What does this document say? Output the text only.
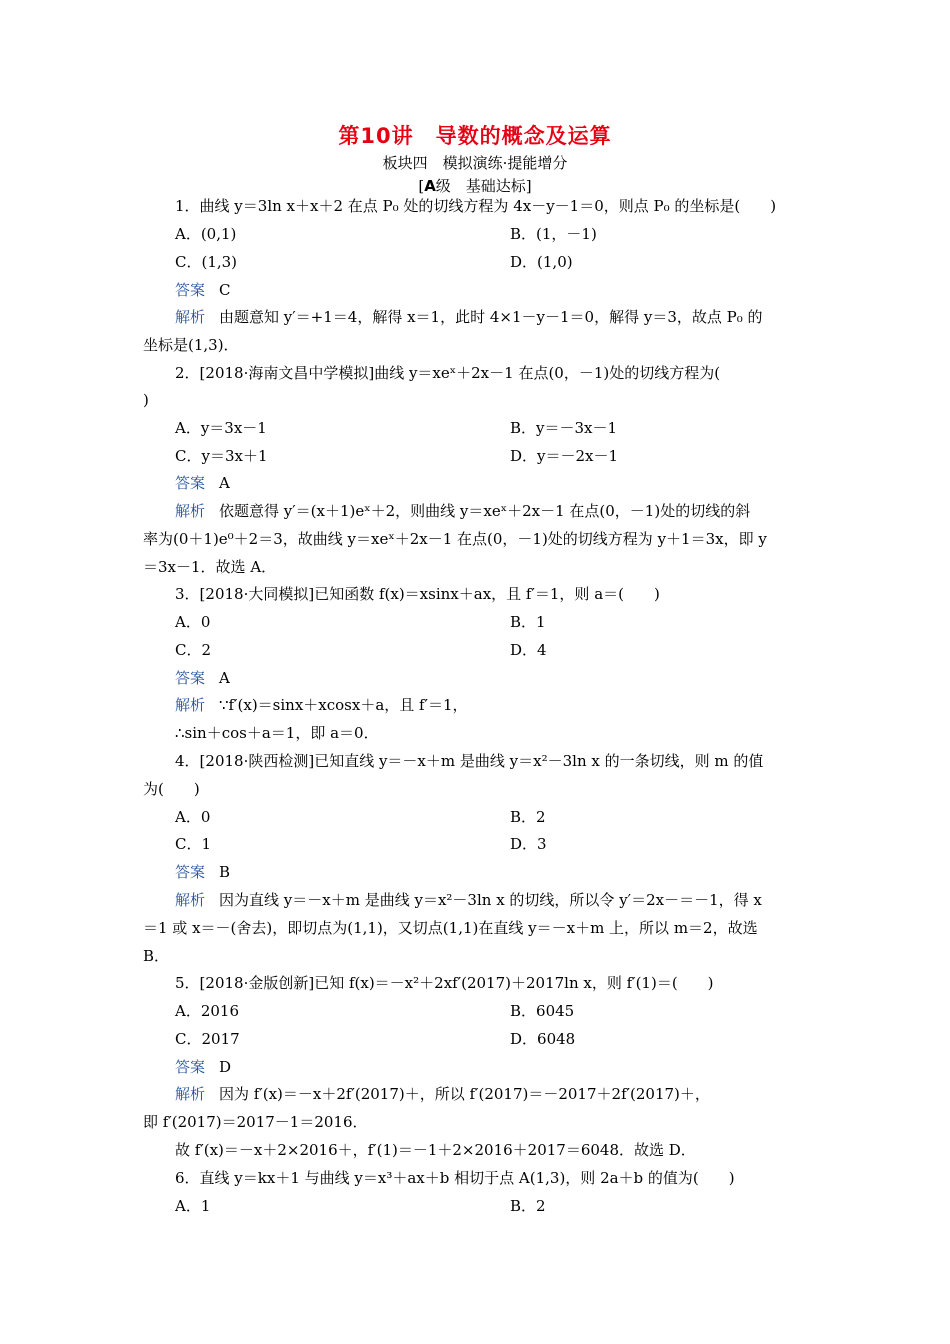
第10讲　导数的概念及运算
板块四　模拟演练·提能增分
[A级　基础达标]
1．曲线 y＝3ln x＋x＋2 在点 P₀ 处的切线方程为 4x－y－1＝0，则点 P₀ 的坐标是(　　)
A．(0,1)	B．(1，－1)
C．(1,3)	D．(1,0)
答案 C
解析 由题意知 y′＝+1＝4，解得 x＝1，此时 4×1－y－1＝0，解得 y＝3，故点 P₀ 的
坐标是(1,3)．
2．[2018·海南文昌中学模拟]曲线 y＝xeˣ＋2x－1 在点(0，－1)处的切线方程为(
)
A．y＝3x－1	B．y＝－3x－1
C．y＝3x＋1	D．y＝－2x－1
答案 A
解析 依题意得 y′＝(x＋1)eˣ＋2，则曲线 y＝xeˣ＋2x－1 在点(0，－1)处的切线的斜
率为(0＋1)e⁰＋2＝3，故曲线 y＝xeˣ＋2x－1 在点(0，－1)处的切线方程为 y＋1＝3x，即 y
＝3x－1．故选 A．
3．[2018·大同模拟]已知函数 f(x)＝xsinx＋ax，且 f′＝1，则 a＝(　　)
A．0	B．1
C．2	D．4
答案 A
解析 ∵f′(x)＝sinx＋xcosx＋a，且 f′＝1，
∴sin＋cos＋a＝1，即 a＝0．
4．[2018·陕西检测]已知直线 y＝－x＋m 是曲线 y＝x²－3ln x 的一条切线，则 m 的值
为(　　)
A．0	B．2
C．1	D．3
答案 B
解析 因为直线 y＝－x＋m 是曲线 y＝x²－3ln x 的切线，所以令 y′＝2x－＝－1，得 x
＝1 或 x＝－(舍去)，即切点为(1,1)，又切点(1,1)在直线 y＝－x＋m 上，所以 m＝2，故选
B．
5．[2018·金版创新]已知 f(x)＝－x²＋2xf′(2017)＋2017ln x，则 f′(1)＝(　　)
A．2016	B．6045
C．2017	D．6048
答案 D
解析 因为 f′(x)＝－x＋2f′(2017)＋，所以 f′(2017)＝－2017＋2f′(2017)＋，
即 f′(2017)＝2017－1＝2016．
故 f′(x)＝－x＋2×2016＋，f′(1)＝－1＋2×2016＋2017＝6048．故选 D．
6．直线 y＝kx＋1 与曲线 y＝x³＋ax＋b 相切于点 A(1,3)，则 2a＋b 的值为(　　)
A．1	B．2
